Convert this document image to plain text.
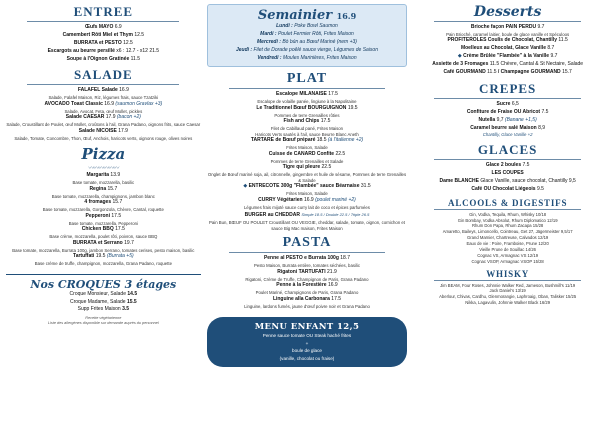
ENTREE
Œufs MAYO 6.9
Camembert Rôti Miel et Thym 12.5
BURRATA et PESTO 12.5
Escargots au beurre persillé x6 : 12.7 - x12 21.5
Soupe à l'Oignon Gratinée 11.5
SALADE
FALAFEL Salade 16.9
Salade, Falafel Maison, Riz, légumes frais, sauce Tzatziki
AVOCADO Toast Classic 16.9 (saumon Gravlax +3)
Salade, Avocat, Feta, œuf Mollet, pickles
Salade CAESAR 17.9 (bacon +2)
Salade, Croustillant de Poulet, œuf Mollet, croûtons à l'ail, Grana Padano, oignons frits, sauce Caesar
Salade NICOISE 17.9
Salade, Tomate, Concombre, Thon, Œuf, Anchois, haricots verts, oignons rouge, olives noires
Pizza
〰〰〰〰〰〰
Margarita 13.9
Base tomate, mozzarella, basilic
Regina 15.7
Base tomate, mozzarella, champignons, jambon blanc
4 fromages 15.7
Base tomate, mozzarella, Gorgonzola, Chèvre, Cantal, roquette
Pepperoni 17.5
Base tomate, mozzarella, Pepperoni
Chicken BBQ 17.5
Base crème, mozzarella, poulet rôti, poivron, sauce BBQ
BURRATA et Serrano 19.7
Base tomate, mozzarella, Burrata 100g, jambon Serrano, tomates cerises, pesto maison, basilic
Tartuffati 19.5 (Burrata +5)
Base crème de truffe, champignon, mozzarella, Grana Padano, roquette
Nos CROQUES 3 étages
Croque Monsieur, Salade 14.5
Croque Madame, Salade 15.5
Supp Frites Maison 3.5
Recette végétarienne
Liste des allergènes disponible sur demande auprès du personnel
Semainier 16.9
Lundi : Poke Bowl Saumon
Mardi : Poulet Fermier Rôti, Frites Maison
Mercredi : Bò bún au Bœuf Mariné (nem +3)
Jeudi : Filet de Dorade poêlé sauce vierge, Légumes de Saison
Vendredi : Moules Marinières, Frites Maison
PLAT
Escalope MILANAISE 17.5
Escalope de volaille panée, lingiune à la Napolitaine
Le Traditionnel Bœuf BOURGUIGNON 19.5
Pommes de terre Grenailles rôties
Fish and Chips 17.5
Filet de Cabillaud pané, Frites Maison
Haricots Verts sautés à l'ail, sauce Beurre Blanc Aneth
TARTARE de Bœuf préparé 18.5 (à l'italienne +2)
Frites Maison, Salade
Cuisse de CANARD Confite 22.5
Pommes de terre Grenailles et Salade
Tigre qui pleure 22.5
Onglet de Bœuf mariné soja, ail, citronnelle, gingembre et huile de sésame, Pommes de terre Grenailles & Salade
◆ ENTRECOTE 300g "Flambée" sauce Béarnaise 31.5
Frites Maison, Salade
CURRY Végétarien 16.9 (poulet mariné +2)
Légumes frais mijoté sauce curry lait de coco et épices parfumées
BURGER au CHEDDAR Simple 18.5 / Double 22.5 / Triple 26.5
Pain Bun, BŒUF OU POULET Croustillant OU VEGGIE, cheddar, salade, tomate, oignon, cornichon et sauce Big Mac maison, Frites Maison
PASTA
Penne al PESTO e Burrata 100g 18.7
Pesto Maison, Burrata entière, tomates séchées, basilic
Rigatoni TARTUFATI 21.9
Rigatoni, Crème de Truffe, Champignon de Paris, Grana Padano
Penne à la Forestière 16.9
Poulet Mariné, Champignons de Paris, Grana Padano
Linguine alla Carbonara 17.5
Linguine, lardons fumés, jaune d'œuf poivre noir et Grana Padano
MENU ENFANT 12,5
Penne sauce tomate OU Steak haché frites
+
boule de glace
(vanille, chocolat ou fraise)
Desserts
Brioche façon PAIN PERDU 9.7
Pain Brioché, caramel laitier, boule de glace vanille et Spéculoos
PROFITEROLES Coulis de Chocolat, Chantilly 11.5
Moelleux au Chocolat, Glace Vanille 8.7
◆ Crème Brûlée "Flambée" à la Vanille 9.7
Assiette de 3 Fromages 11.5 Chèvre, Cantal & St Nectaire, Salade
Café GOURMAND 11.5 / Champagne GOURMAND 15.7
CREPES
Sucre 6,5
Confiture de Fraise OU Abricot 7.5
Nutella 9,7 (Banane +1,5)
Caramel beurre salé Maison 8,9
Chantilly, Glace Vanille +2
GLACES
Glace 2 boules 7.5
LES COUPES
Dame BLANCHE Glace Vanille, sauce chocolat, Chantilly 9,5
Café OU Chocolat Liégeois 9.5
ALCOOLS & DIGESTIFS
Gin, Vodka, Tequila, Rhum, Whisky 10/18
Gin Bombay, Vodka Absolut, Rhum Diplomatico 12/19
Rhum Don Papa, Rhum Zacapa 15/28
Amaretto, Baileys, Limoncello, Cointreau, Get 27, Jägermeister 9,5/17
Grand Marnier, Chartreuse, Calvados 12/19
Eaux de vie : Poire, Framboise, Prune 12/20
Vieille Prune de Souillac 14/26
Cognac VS, Armagnac VS 12/19
Cognac VSOP, Armagnac VSOP 15/28
WHISKY
Jim BEAM, Four Roses, Johnnie Walker Red, Jameson, Bushmill's 11/19
Jack Daniel's 13/19
Aberlour, Chivas, Cardhu, Glenmorangie, Laphroaig, Oban, Talisker 15/25
Nikka, Lagavulin, Johnnie Walker Black 16/29
